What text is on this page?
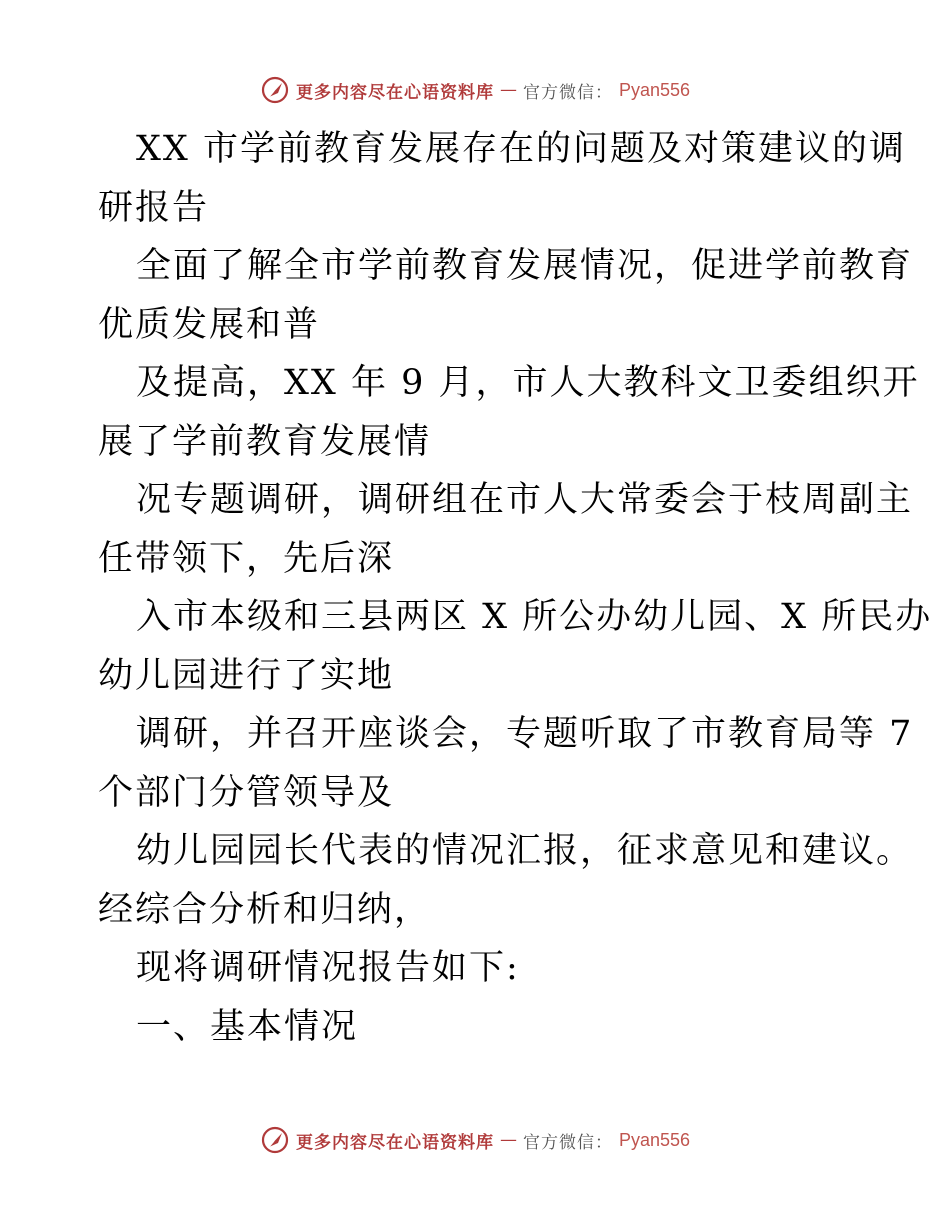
更多内容尽在心语资料库 — 官方微信： Pyan556
XX 市学前教育发展存在的问题及对策建议的调
研报告
全面了解全市学前教育发展情况，促进学前教育
优质发展和普
及提高，XX 年 9 月，市人大教科文卫委组织开
展了学前教育发展情
况专题调研，调研组在市人大常委会于枝周副主
任带领下，先后深
入市本级和三县两区 X 所公办幼儿园、X 所民办
幼儿园进行了实地
调研，并召开座谈会，专题听取了市教育局等 7
个部门分管领导及
幼儿园园长代表的情况汇报，征求意见和建议。
经综合分析和归纳，
现将调研情况报告如下:
一、基本情况
更多内容尽在心语资料库 — 官方微信： Pyan556
